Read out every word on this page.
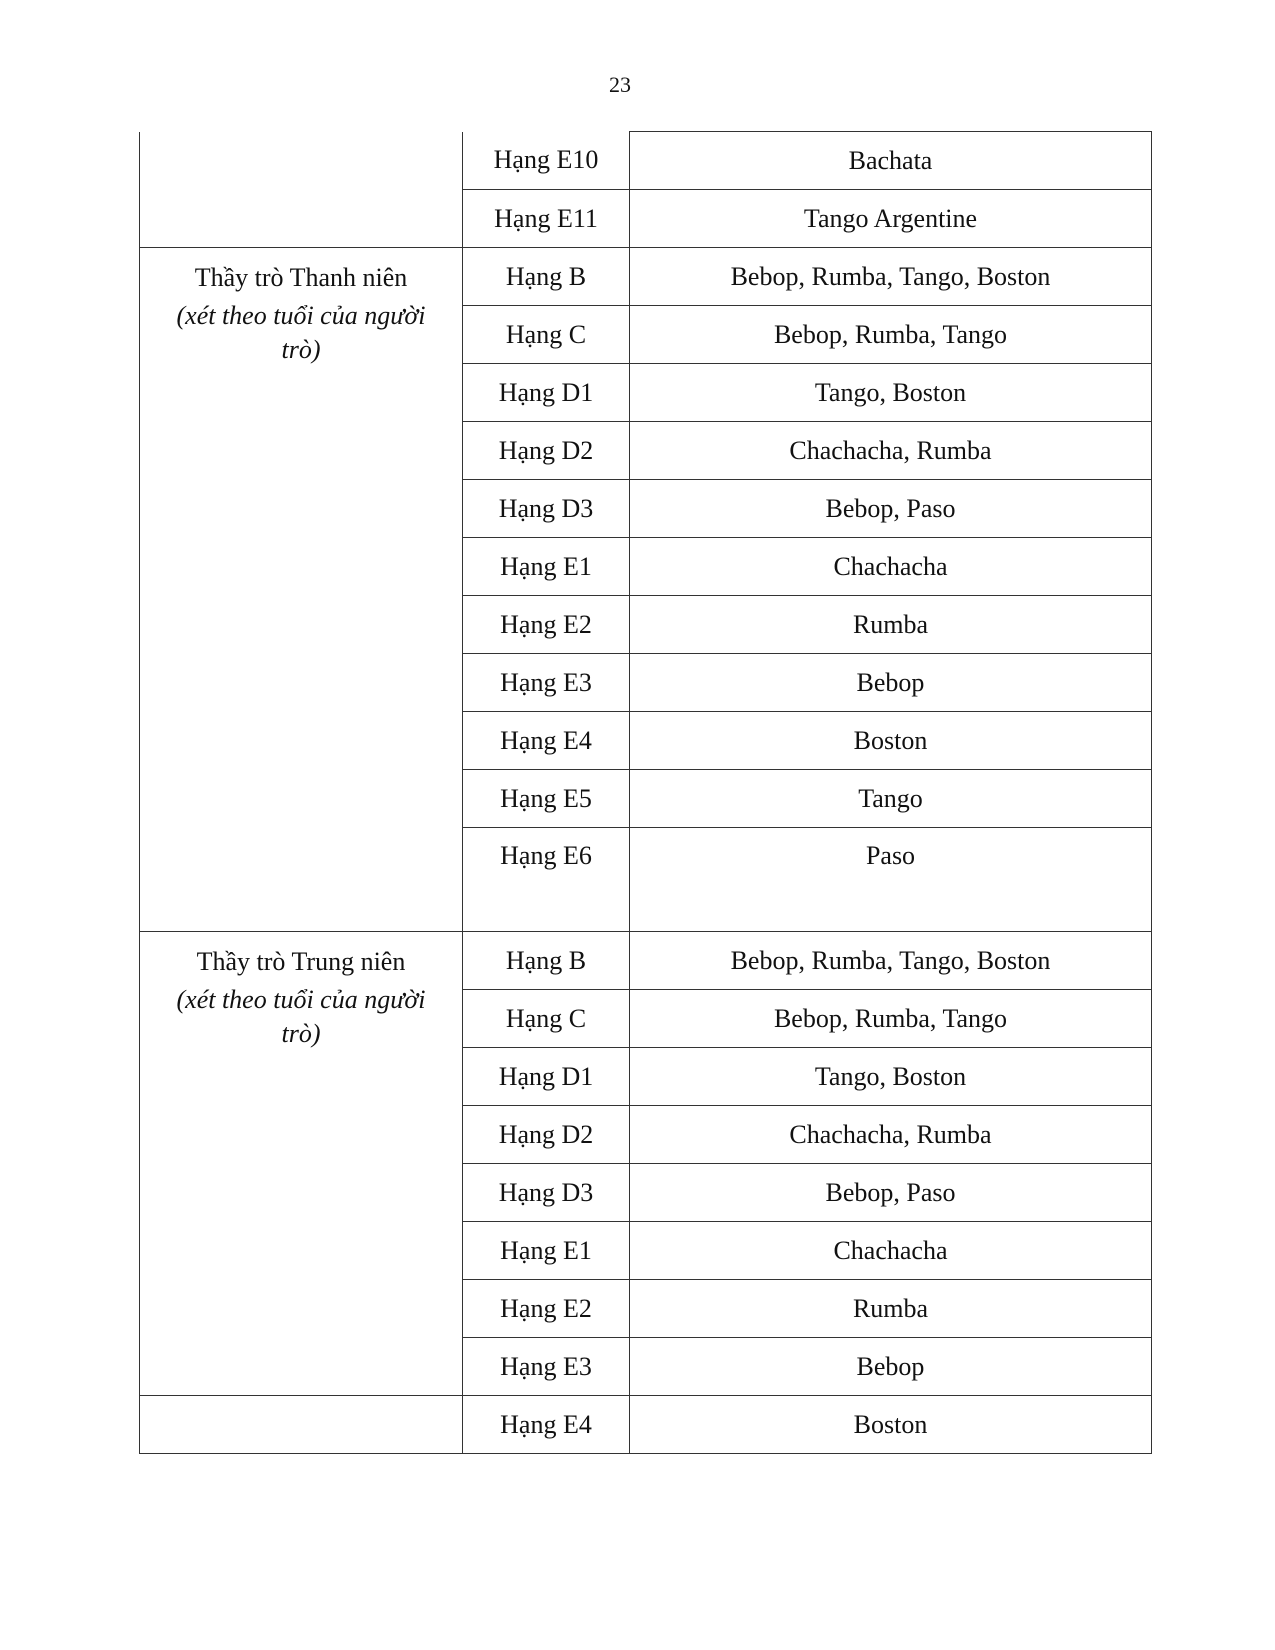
23
	Hạng E10	Bachata
	Hạng E11	Tango Argentine

Thầy trò Thanh niên
(xét theo tuổi của người trò)	Hạng B	Bebop, Rumba, Tango, Boston
	Hạng C	Bebop, Rumba, Tango
	Hạng D1	Tango, Boston
	Hạng D2	Chachacha, Rumba
	Hạng D3	Bebop, Paso
	Hạng E1	Chachacha
	Hạng E2	Rumba
	Hạng E3	Bebop
	Hạng E4	Boston
	Hạng E5	Tango
	Hạng E6	Paso

Thầy trò Trung niên
(xét theo tuổi của người trò)	Hạng B	Bebop, Rumba, Tango, Boston
	Hạng C	Bebop, Rumba, Tango
	Hạng D1	Tango, Boston
	Hạng D2	Chachacha, Rumba
	Hạng D3	Bebop, Paso
	Hạng E1	Chachacha
	Hạng E2	Rumba
	Hạng E3	Bebop
	Hạng E4	Boston
